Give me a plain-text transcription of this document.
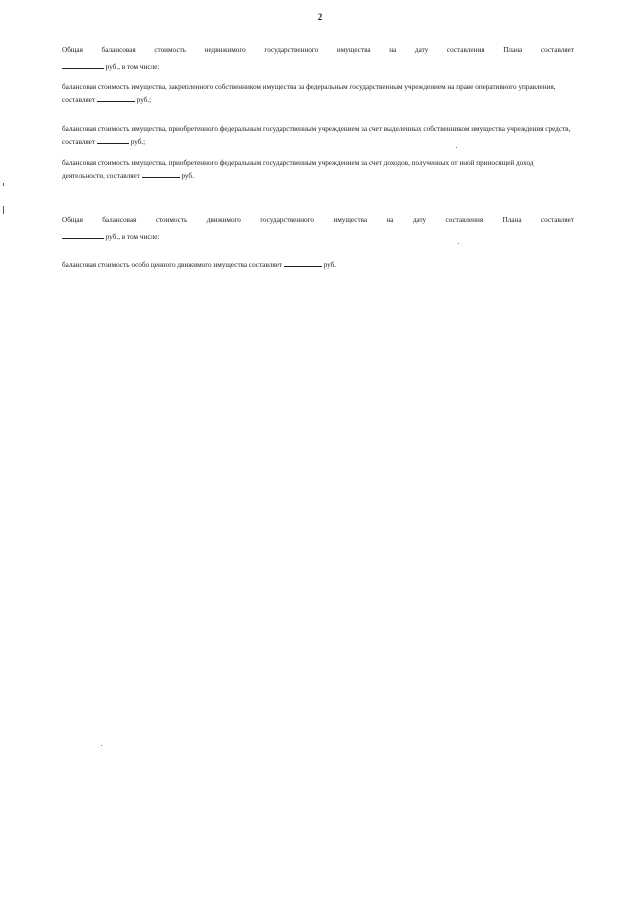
2
Общая балансовая стоимость недвижимого государственного имущества на дату составления Плана составляет
руб., в том числе:
балансовая стоимость имущества, закрепленного собственником имущества за федеральным государственным учреждением на праве оперативного управления, составляет	руб.;
балансовая стоимость имущества, приобретенного федеральным государственным учреждением за счет выделенных собственником имущества учреждения средств, составляет	руб.;
балансовая стоимость имущества, приобретенного федеральным государственным учреждением за счет доходов, полученных от иной приносящей доход деятельности, составляет	руб.
Общая балансовая стоимость движимого государственного имущества на дату составления Плана составляет
руб., в том числе:
балансовая стоимость особо ценного движимого имущества составляет	руб.
